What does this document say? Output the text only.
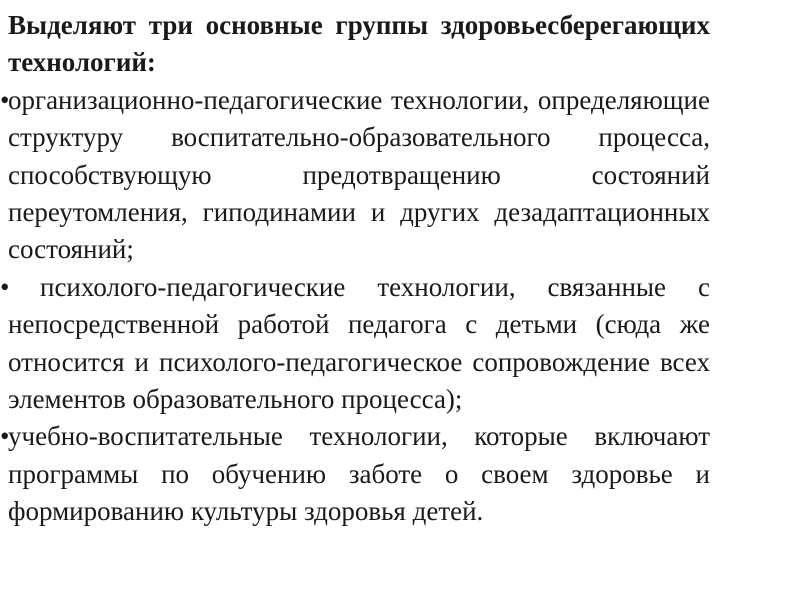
Выделяют три основные группы здоровьесберегающих технологий:

•
организационно-педагогические технологии, определяющие структуру воспитательно-образовательного процесса, способствующую предотвращению состояний переутомления, гиподинамии и других дезадаптационных состояний;

•
психолого-педагогические технологии, связанные с непосредственной работой педагога с детьми (сюда же относится и психолого-педагогическое сопровождение всех элементов образовательного процесса);

•
учебно-воспитательные технологии, которые включают программы по обучению заботе о своем здоровье и формированию культуры здоровья детей.
